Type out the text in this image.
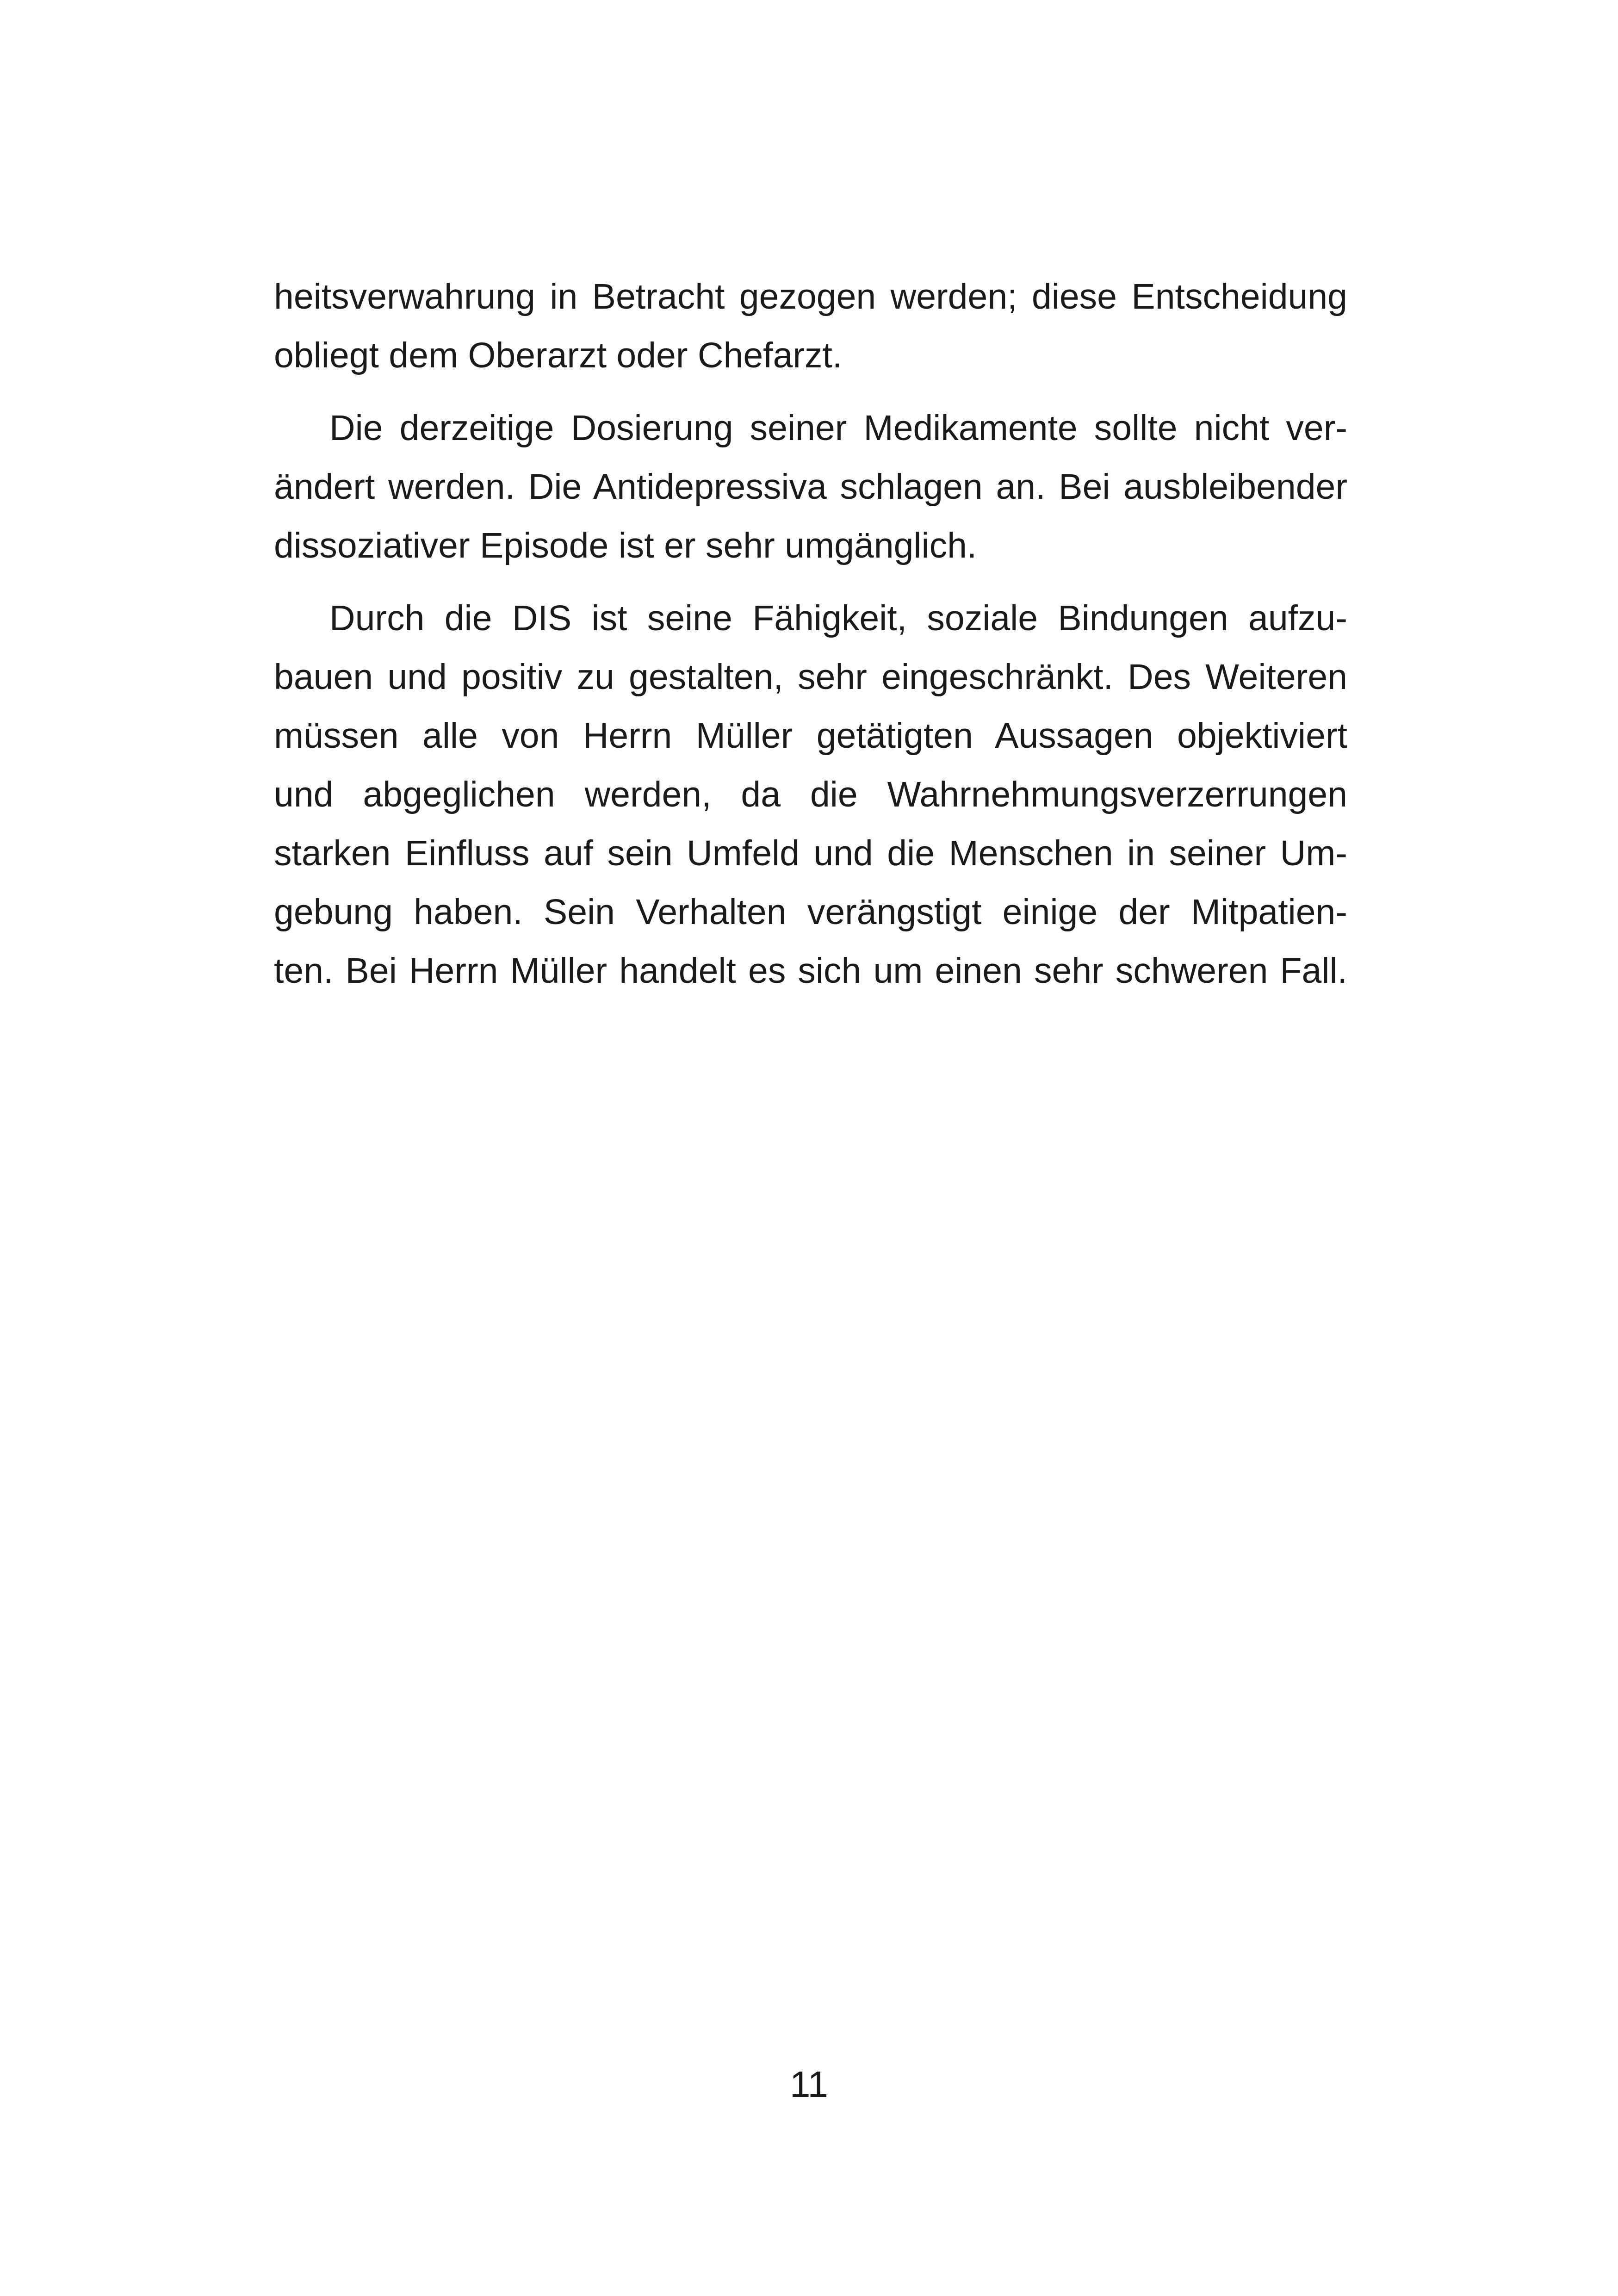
heitsverwahrung in Betracht gezogen werden; diese Entscheidung
obliegt dem Oberarzt oder Chefarzt.
Die derzeitige Dosierung seiner Medikamente sollte nicht ver-
ändert werden. Die Antidepressiva schlagen an. Bei ausbleibender
dissoziativer Episode ist er sehr umgänglich.
Durch die DIS ist seine Fähigkeit, soziale Bindungen aufzu-
bauen und positiv zu gestalten, sehr eingeschränkt. Des Weiteren
müssen alle von Herrn Müller getätigten Aussagen objektiviert
und abgeglichen werden, da die Wahrnehmungsverzerrungen
starken Einfluss auf sein Umfeld und die Menschen in seiner Um-
gebung haben. Sein Verhalten verängstigt einige der Mitpatien-
ten. Bei Herrn Müller handelt es sich um einen sehr schweren Fall.
11
